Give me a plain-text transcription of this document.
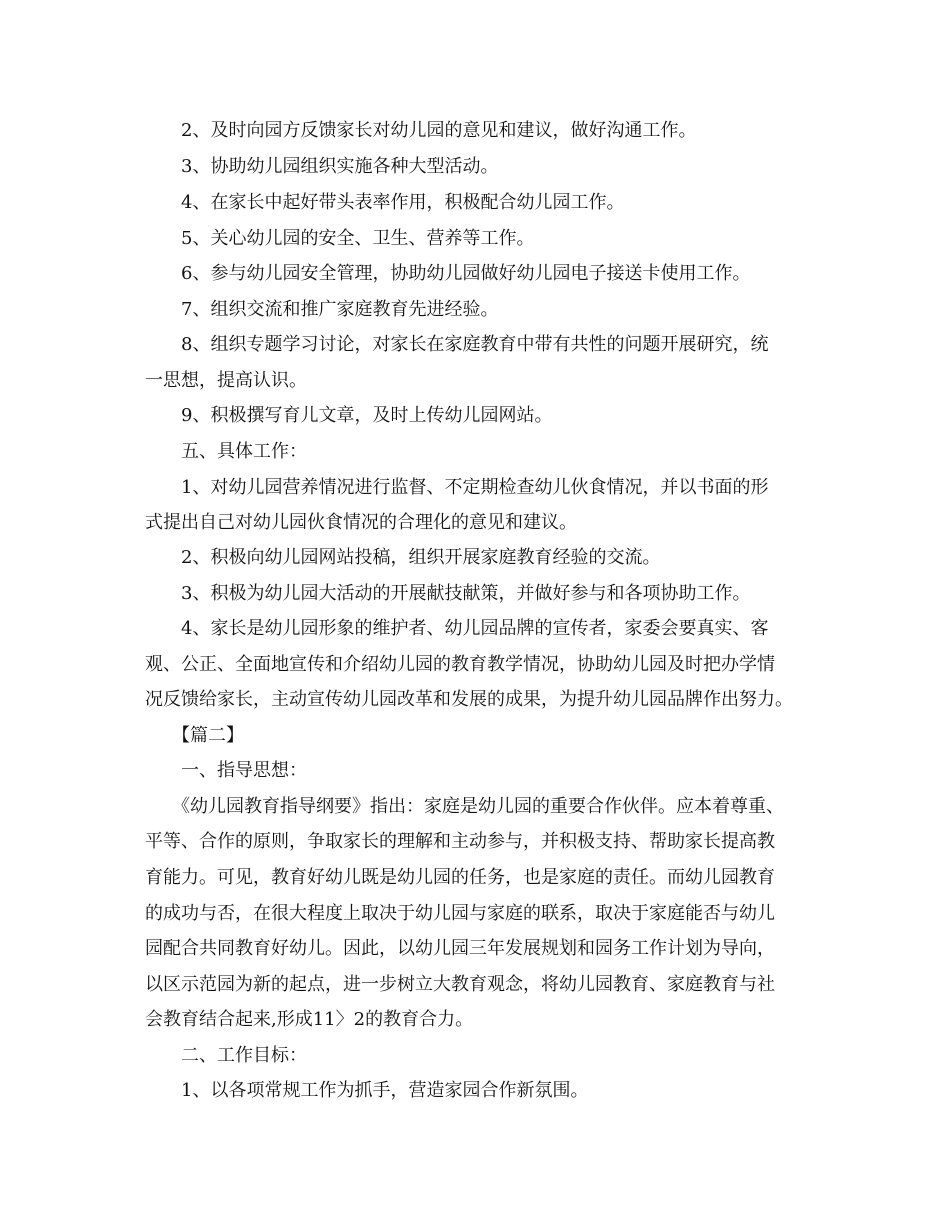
2、及时向园方反馈家长对幼儿园的意见和建议，做好沟通工作。
3、协助幼儿园组织实施各种大型活动。
4、在家长中起好带头表率作用，积极配合幼儿园工作。
5、关心幼儿园的安全、卫生、营养等工作。
6、参与幼儿园安全管理，协助幼儿园做好幼儿园电子接送卡使用工作。
7、组织交流和推广家庭教育先进经验。
8、组织专题学习讨论，对家长在家庭教育中带有共性的问题开展研究，统
一思想，提高认识。
9、积极撰写育儿文章，及时上传幼儿园网站。
五、具体工作：
1、对幼儿园营养情况进行监督、不定期检查幼儿伙食情况，并以书面的形
式提出自己对幼儿园伙食情况的合理化的意见和建议。
2、积极向幼儿园网站投稿，组织开展家庭教育经验的交流。
3、积极为幼儿园大活动的开展献技献策，并做好参与和各项协助工作。
4、家长是幼儿园形象的维护者、幼儿园品牌的宣传者，家委会要真实、客
观、公正、全面地宣传和介绍幼儿园的教育教学情况，协助幼儿园及时把办学情
况反馈给家长，主动宣传幼儿园改革和发展的成果，为提升幼儿园品牌作出努力。
【篇二】
一、指导思想：
《幼儿园教育指导纲要》指出：家庭是幼儿园的重要合作伙伴。应本着尊重、
平等、合作的原则，争取家长的理解和主动参与，并积极支持、帮助家长提高教
育能力。可见，教育好幼儿既是幼儿园的任务，也是家庭的责任。而幼儿园教育
的成功与否，在很大程度上取决于幼儿园与家庭的联系，取决于家庭能否与幼儿
园配合共同教育好幼儿。因此，以幼儿园三年发展规划和园务工作计划为导向，
以区示范园为新的起点，进一步树立大教育观念，将幼儿园教育、家庭教育与社
会教育结合起来,形成11〉2的教育合力。
二、工作目标：
1、以各项常规工作为抓手，营造家园合作新氛围。
